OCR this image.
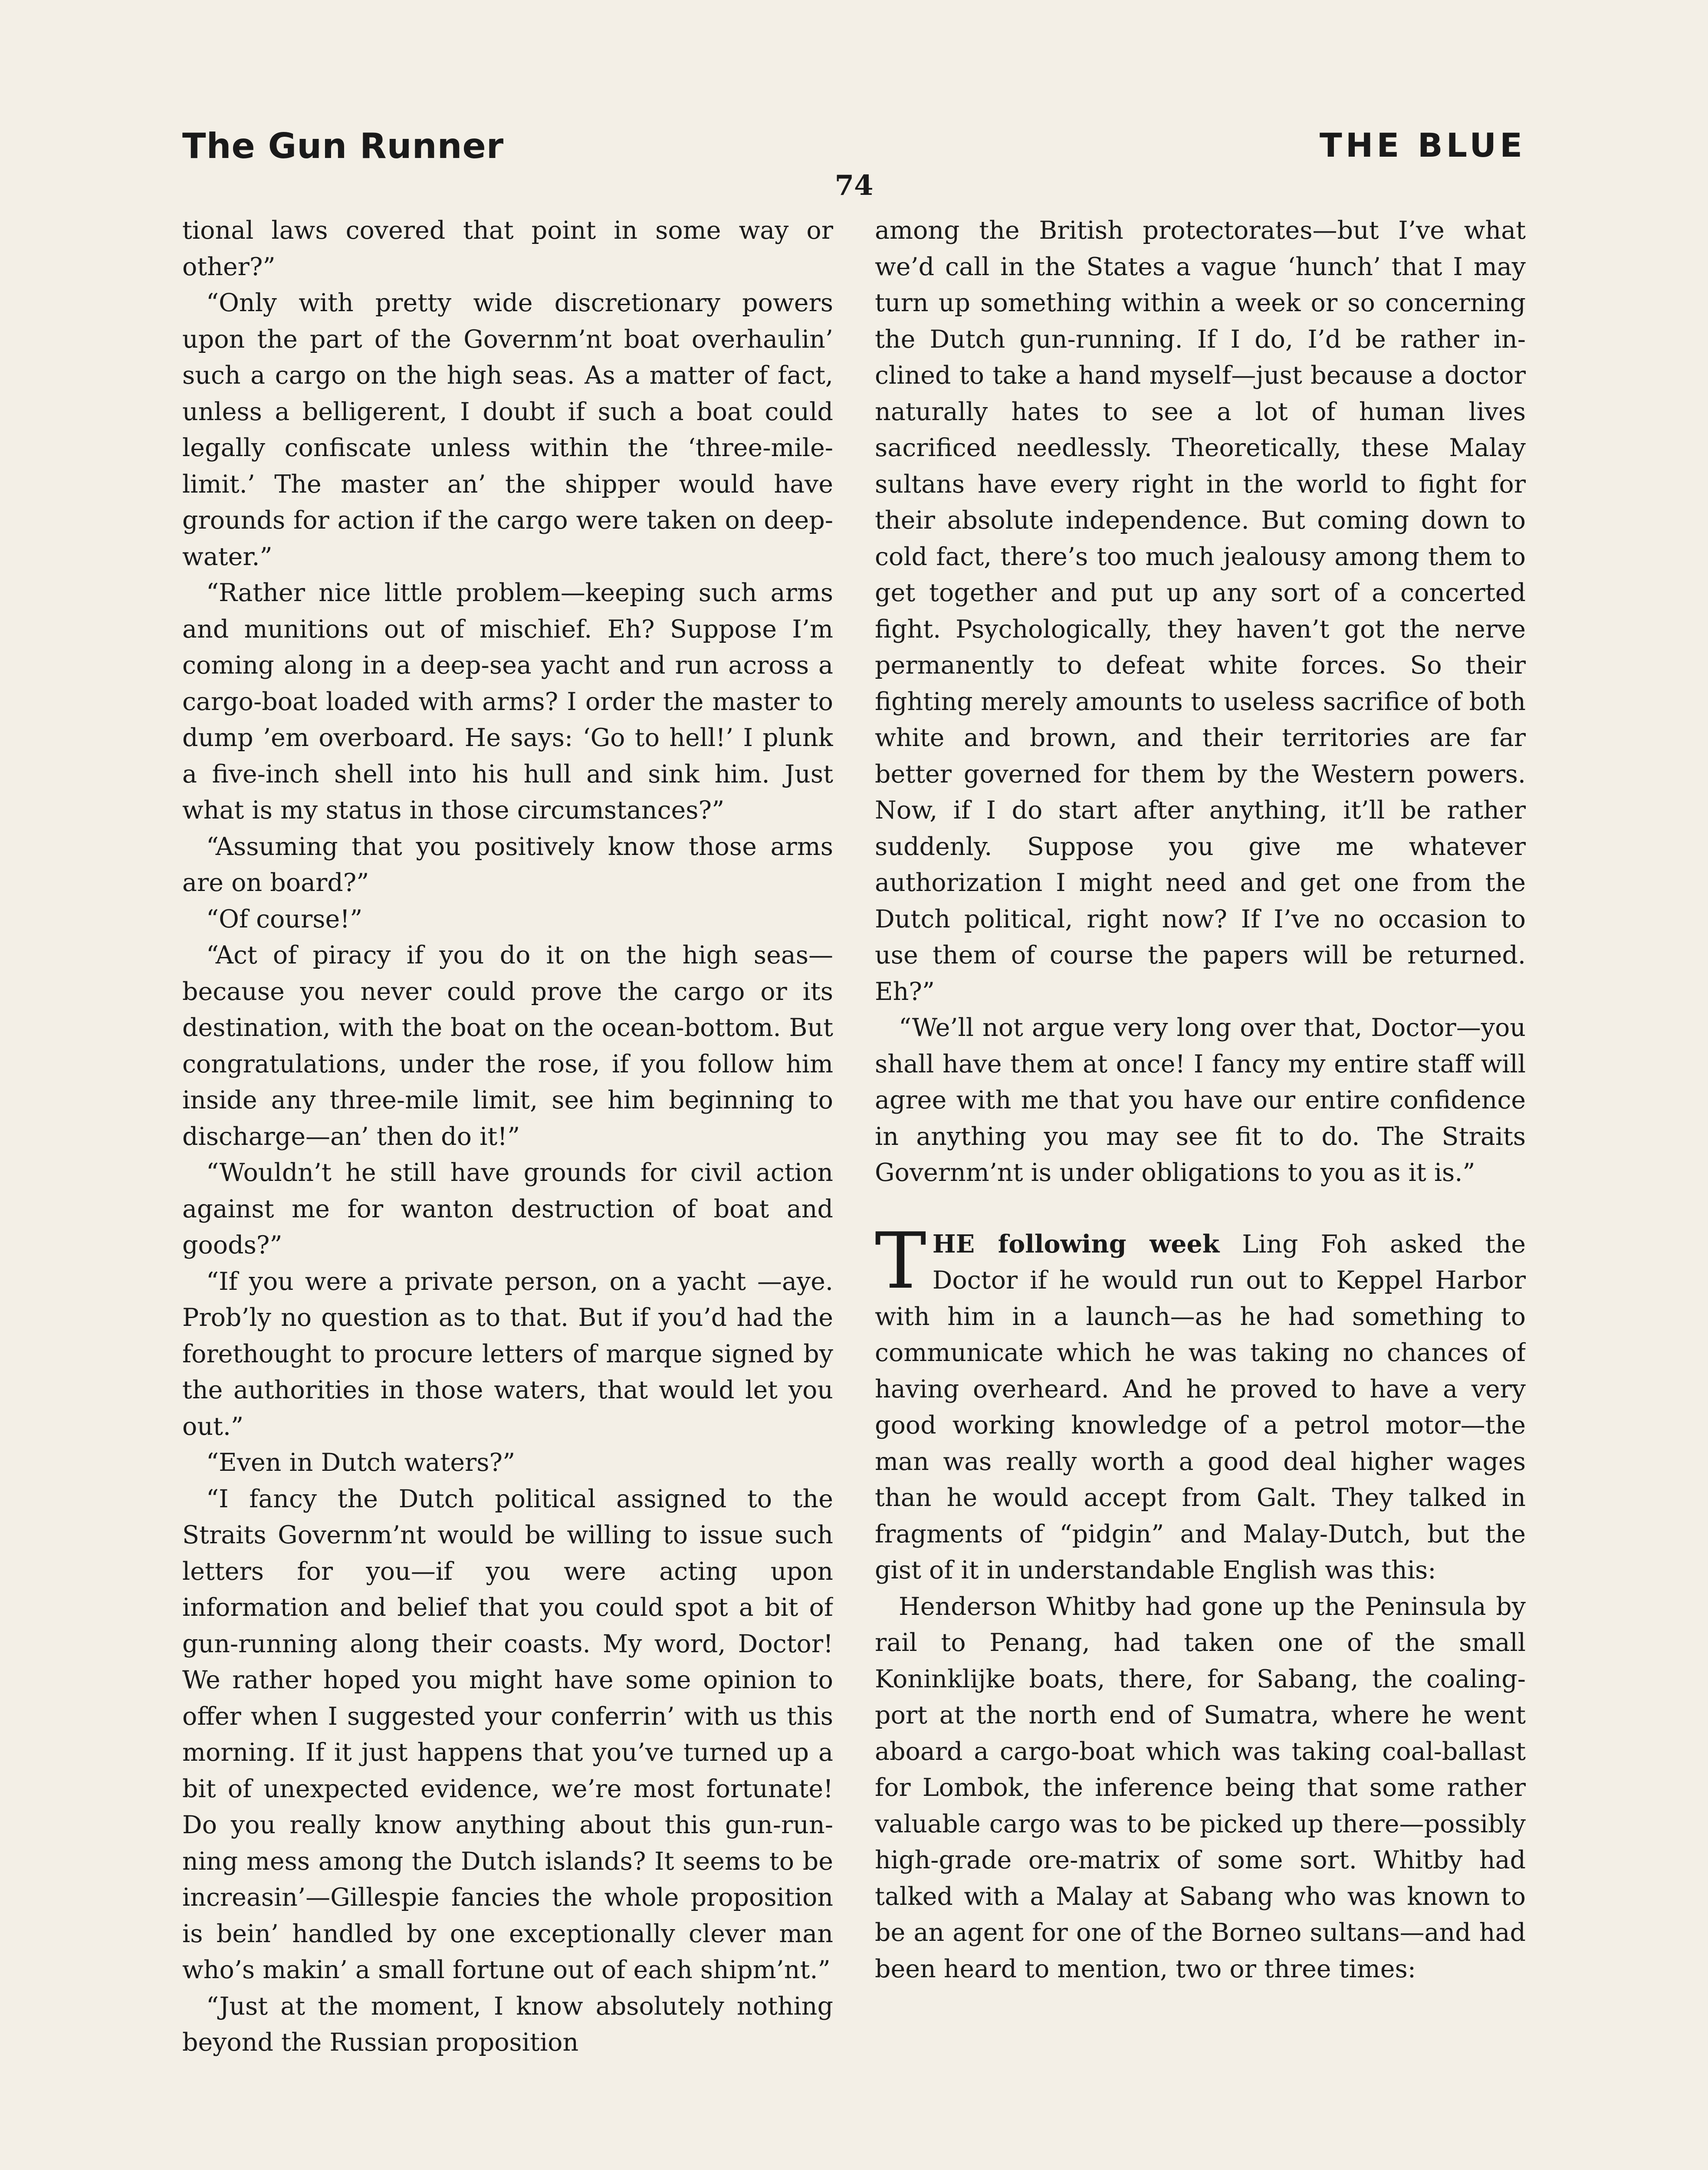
The Gun Runner	THE BLUE
74

tional laws covered that point in some way or other?”

“Only with pretty wide discretionary powers upon the part of the Governm’nt boat overhaulin’ such a cargo on the high seas. As a matter of fact, unless a belligerent, I doubt if such a boat could legally confiscate unless within the ‘three-mile-limit.’ The master an’ the shipper would have grounds for action if the cargo were taken on deep-water.”

“Rather nice little problem—keeping such arms and munitions out of mischief. Eh? Suppose I’m coming along in a deep-sea yacht and run across a cargo-boat loaded with arms? I order the master to dump ’em overboard. He says: ‘Go to hell!’ I plunk a five-inch shell into his hull and sink him. Just what is my status in those circumstances?”

“Assuming that you positively know those arms are on board?”

“Of course!”

“Act of piracy if you do it on the high seas—because you never could prove the cargo or its destination, with the boat on the ocean-bottom. But congratulations, under the rose, if you follow him inside any three-mile limit, see him beginning to discharge—an’ then do it!”

“Wouldn’t he still have grounds for civil action against me for wanton destruction of boat and goods?”

“If you were a private person, on a yacht —aye. Prob’ly no question as to that. But if you’d had the forethought to procure letters of marque signed by the authorities in those waters, that would let you out.”

“Even in Dutch waters?”

“I fancy the Dutch political assigned to the Straits Governm’nt would be willing to issue such letters for you—if you were acting upon information and belief that you could spot a bit of gun-running along their coasts. My word, Doctor! We rather hoped you might have some opinion to offer when I suggested your conferrin’ with us this morning. If it just happens that you’ve turned up a bit of unexpected evidence, we’re most fortunate! Do you really know anything about this gun-running mess among the Dutch islands? It seems to be increasin’—Gillespie fancies the whole proposition is bein’ handled by one exceptionally clever man who’s makin’ a small fortune out of each shipm’nt.”

“Just at the moment, I know absolutely nothing beyond the Russian proposition

among the British protectorates—but I’ve what we’d call in the States a vague ‘hunch’ that I may turn up something within a week or so concerning the Dutch gun-running. If I do, I’d be rather inclined to take a hand myself—just because a doctor naturally hates to see a lot of human lives sacrificed needlessly. Theoretically, these Malay sultans have every right in the world to fight for their absolute independence. But coming down to cold fact, there’s too much jealousy among them to get together and put up any sort of a concerted fight. Psychologically, they haven’t got the nerve permanently to defeat white forces. So their fighting merely amounts to useless sacrifice of both white and brown, and their territories are far better governed for them by the Western powers. Now, if I do start after anything, it’ll be rather suddenly. Suppose you give me whatever authorization I might need and get one from the Dutch political, right now? If I’ve no occasion to use them of course the papers will be returned. Eh?”

“We’ll not argue very long over that, Doctor—you shall have them at once! I fancy my entire staff will agree with me that you have our entire confidence in anything you may see fit to do. The Straits Governm’nt is under obligations to you as it is.”

THE following week Ling Foh asked the Doctor if he would run out to Keppel Harbor with him in a launch—as he had something to communicate which he was taking no chances of having overheard. And he proved to have a very good working knowledge of a petrol motor—the man was really worth a good deal higher wages than he would accept from Galt. They talked in fragments of “pidgin” and Malay-Dutch, but the gist of it in understandable English was this:

Henderson Whitby had gone up the Peninsula by rail to Penang, had taken one of the small Koninklijke boats, there, for Sabang, the coaling-port at the north end of Sumatra, where he went aboard a cargo-boat which was taking coal-ballast for Lombok, the inference being that some rather valuable cargo was to be picked up there—possibly high-grade ore-matrix of some sort. Whitby had talked with a Malay at Sabang who was known to be an agent for one of the Borneo sultans—and had been heard to mention, two or three times:
